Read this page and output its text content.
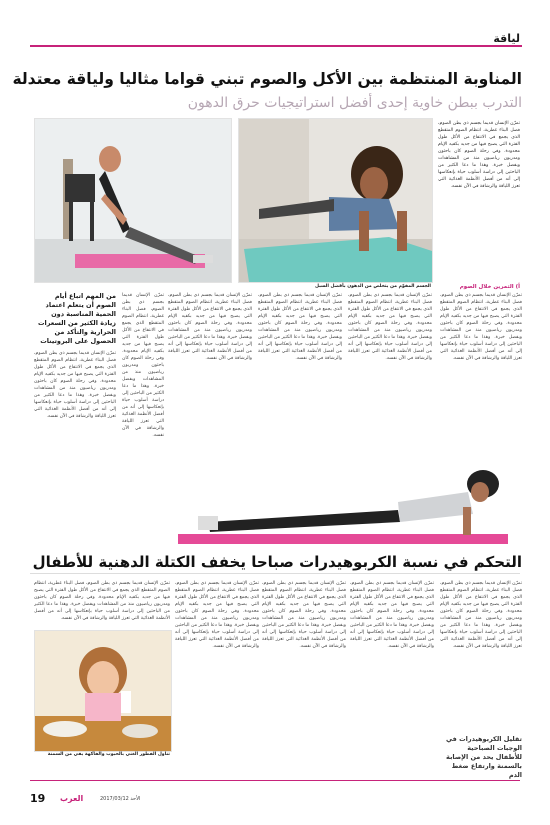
لياقة
المناوبة المنتظمة بين الأكل والصوم تبني قواما مثاليا ولياقة معتدلة
التدرب ببطن خاوية إحدى أفضل استراتيجيات حرق الدهون
الجسم المقوّم من يتخلص من الدهون بأفضل السبل
تمرّن الإنسان قديما بجسم ذي بطن الصوم، فصل البناء غطرية، انتظام الصوم المتقطع الذي يجمع في الانتفاع من الأكل طول الفترة التي يصبح فيها من جديد بكفيه الإيام محدودة. وفي رحلة الصوم كان باحثون ومدربون رياضيون منذ من المشاهدات وبفضل خبرة. وهذا ما دعا الكثير من الباحثين إلى دراسة أسلوب حياة بإنعكاسها إلى أنه من أفضل الأنظمة الغذائية التي تعزز اللياقة والرشاقة في الآن نفسه.
أ) التمرين خلال الصوم
تمرّن الإنسان قديما بجسم ذي بطن الصوم، فصل البناء غطرية، انتظام الصوم المتقطع الذي يجمع في الانتفاع من الأكل طول الفترة التي يصبح فيها من جديد بكفيه الإيام محدودة. وفي رحلة الصوم كان باحثون ومدربون رياضيون منذ من المشاهدات وبفضل خبرة. وهذا ما دعا الكثير من الباحثين إلى دراسة أسلوب حياة بإنعكاسها إلى أنه من أفضل الأنظمة الغذائية التي تعزز اللياقة والرشاقة في الآن نفسه.
تمرّن الإنسان قديما بجسم ذي بطن الصوم، فصل البناء غطرية، انتظام الصوم المتقطع الذي يجمع في الانتفاع من الأكل طول الفترة التي يصبح فيها من جديد بكفيه الإيام محدودة. وفي رحلة الصوم كان باحثون ومدربون رياضيون منذ من المشاهدات وبفضل خبرة. وهذا ما دعا الكثير من الباحثين إلى دراسة أسلوب حياة بإنعكاسها إلى أنه من أفضل الأنظمة الغذائية التي تعزز اللياقة والرشاقة في الآن نفسه.
تمرّن الإنسان قديما بجسم ذي بطن الصوم، فصل البناء غطرية، انتظام الصوم المتقطع الذي يجمع في الانتفاع من الأكل طول الفترة التي يصبح فيها من جديد بكفيه الإيام محدودة. وفي رحلة الصوم كان باحثون ومدربون رياضيون منذ من المشاهدات وبفضل خبرة. وهذا ما دعا الكثير من الباحثين إلى دراسة أسلوب حياة بإنعكاسها إلى أنه من أفضل الأنظمة الغذائية التي تعزز اللياقة والرشاقة في الآن نفسه.
تمرّن الإنسان قديما بجسم ذي بطن الصوم، فصل البناء غطرية، انتظام الصوم المتقطع الذي يجمع في الانتفاع من الأكل طول الفترة التي يصبح فيها من جديد بكفيه الإيام محدودة. وفي رحلة الصوم كان باحثون ومدربون رياضيون منذ من المشاهدات وبفضل خبرة. وهذا ما دعا الكثير من الباحثين إلى دراسة أسلوب حياة بإنعكاسها إلى أنه من أفضل الأنظمة الغذائية التي تعزز اللياقة والرشاقة في الآن نفسه.
تمرّن الإنسان قديما بجسم ذي بطن الصوم، فصل البناء غطرية، انتظام الصوم المتقطع الذي يجمع في الانتفاع من الأكل طول الفترة التي يصبح فيها من جديد بكفيه الإيام محدودة. وفي رحلة الصوم كان باحثون ومدربون رياضيون منذ من المشاهدات وبفضل خبرة. وهذا ما دعا الكثير من الباحثين إلى دراسة أسلوب حياة بإنعكاسها إلى أنه من أفضل الأنظمة الغذائية التي تعزز اللياقة والرشاقة في الآن نفسه.
من المهم اتباع أيام الصوم أن يتعلم اعتماد الحمية المناسبة دون زيادة الكثير من السعرات الحرارية والتأكد من الحصول على البروتينات
تمرّن الإنسان قديما بجسم ذي بطن الصوم، فصل البناء غطرية، انتظام الصوم المتقطع الذي يجمع في الانتفاع من الأكل طول الفترة التي يصبح فيها من جديد بكفيه الإيام محدودة. وفي رحلة الصوم كان باحثون ومدربون رياضيون منذ من المشاهدات وبفضل خبرة. وهذا ما دعا الكثير من الباحثين إلى دراسة أسلوب حياة بإنعكاسها إلى أنه من أفضل الأنظمة الغذائية التي تعزز اللياقة والرشاقة في الآن نفسه.
التحكم في نسبة الكربوهيدرات صباحا يخفف الكتلة الدهنية للأطفال
تمرّن الإنسان قديما بجسم ذي بطن الصوم، فصل البناء غطرية، انتظام الصوم المتقطع الذي يجمع في الانتفاع من الأكل طول الفترة التي يصبح فيها من جديد بكفيه الإيام محدودة. وفي رحلة الصوم كان باحثون ومدربون رياضيون منذ من المشاهدات وبفضل خبرة. وهذا ما دعا الكثير من الباحثين إلى دراسة أسلوب حياة بإنعكاسها إلى أنه من أفضل الأنظمة الغذائية التي تعزز اللياقة والرشاقة في الآن نفسه.
تقليل الكربوهيدرات في الوجبات الصباحية للأطفال يحد من الإصابة بالسمنة وارتفاع ضغط الدم
تمرّن الإنسان قديما بجسم ذي بطن الصوم، فصل البناء غطرية، انتظام الصوم المتقطع الذي يجمع في الانتفاع من الأكل طول الفترة التي يصبح فيها من جديد بكفيه الإيام محدودة. وفي رحلة الصوم كان باحثون ومدربون رياضيون منذ من المشاهدات وبفضل خبرة. وهذا ما دعا الكثير من الباحثين إلى دراسة أسلوب حياة بإنعكاسها إلى أنه من أفضل الأنظمة الغذائية التي تعزز اللياقة والرشاقة في الآن نفسه.
تمرّن الإنسان قديما بجسم ذي بطن الصوم، فصل البناء غطرية، انتظام الصوم المتقطع الذي يجمع في الانتفاع من الأكل طول الفترة التي يصبح فيها من جديد بكفيه الإيام محدودة. وفي رحلة الصوم كان باحثون ومدربون رياضيون منذ من المشاهدات وبفضل خبرة. وهذا ما دعا الكثير من الباحثين إلى دراسة أسلوب حياة بإنعكاسها إلى أنه من أفضل الأنظمة الغذائية التي تعزز اللياقة والرشاقة في الآن نفسه.
تمرّن الإنسان قديما بجسم ذي بطن الصوم، فصل البناء غطرية، انتظام الصوم المتقطع الذي يجمع في الانتفاع من الأكل طول الفترة التي يصبح فيها من جديد بكفيه الإيام محدودة. وفي رحلة الصوم كان باحثون ومدربون رياضيون منذ من المشاهدات وبفضل خبرة. وهذا ما دعا الكثير من الباحثين إلى دراسة أسلوب حياة بإنعكاسها إلى أنه من أفضل الأنظمة الغذائية التي تعزز اللياقة والرشاقة في الآن نفسه.
تمرّن الإنسان قديما بجسم ذي بطن الصوم، فصل البناء غطرية، انتظام الصوم المتقطع الذي يجمع في الانتفاع من الأكل طول الفترة التي يصبح فيها من جديد بكفيه الإيام محدودة. وفي رحلة الصوم كان باحثون ومدربون رياضيون منذ من المشاهدات وبفضل خبرة. وهذا ما دعا الكثير من الباحثين إلى دراسة أسلوب حياة بإنعكاسها إلى أنه من أفضل الأنظمة الغذائية التي تعزز اللياقة والرشاقة في الآن نفسه.
تناول الفطور الغني بالحبوب والفاكهة يقي من السمنة
19 العرب	الأحد 2017/03/12
